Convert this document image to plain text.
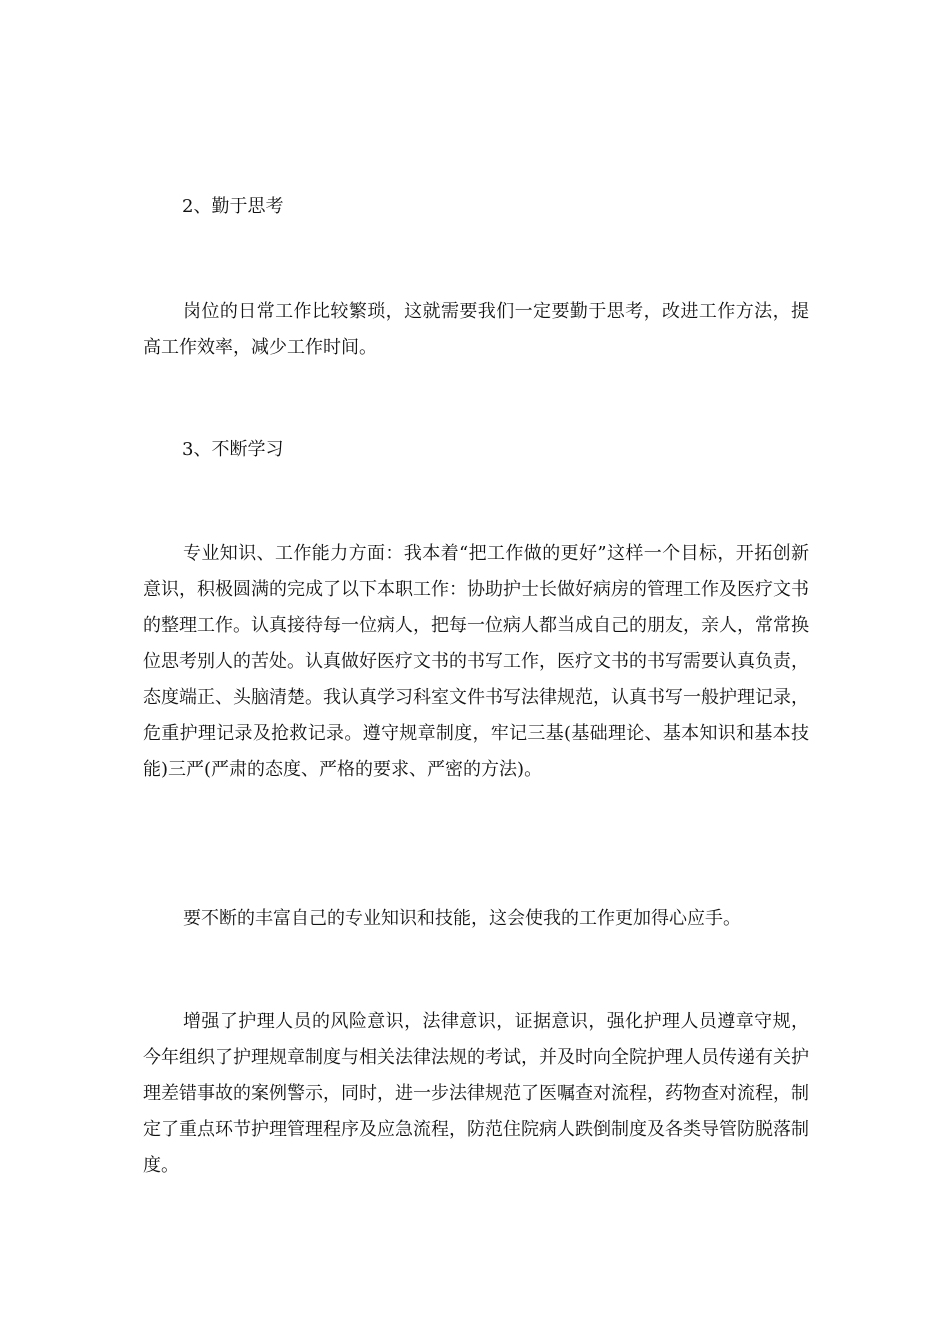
2、勤于思考

岗位的日常工作比较繁琐，这就需要我们一定要勤于思考，改进工作方法，提高工作效率，减少工作时间。

3、不断学习

专业知识、工作能力方面：我本着“把工作做的更好”这样一个目标，开拓创新意识，积极圆满的完成了以下本职工作：协助护士长做好病房的管理工作及医疗文书的整理工作。认真接待每一位病人，把每一位病人都当成自己的朋友，亲人，常常换位思考别人的苦处。认真做好医疗文书的书写工作，医疗文书的书写需要认真负责，态度端正、头脑清楚。我认真学习科室文件书写法律规范，认真书写一般护理记录，危重护理记录及抢救记录。遵守规章制度，牢记三基(基础理论、基本知识和基本技能)三严(严肃的态度、严格的要求、严密的方法)。

要不断的丰富自己的专业知识和技能，这会使我的工作更加得心应手。

增强了护理人员的风险意识，法律意识，证据意识，强化护理人员遵章守规，今年组织了护理规章制度与相关法律法规的考试，并及时向全院护理人员传递有关护理差错事故的案例警示，同时，进一步法律规范了医嘱查对流程，药物查对流程，制定了重点环节护理管理程序及应急流程，防范住院病人跌倒制度及各类导管防脱落制度。
